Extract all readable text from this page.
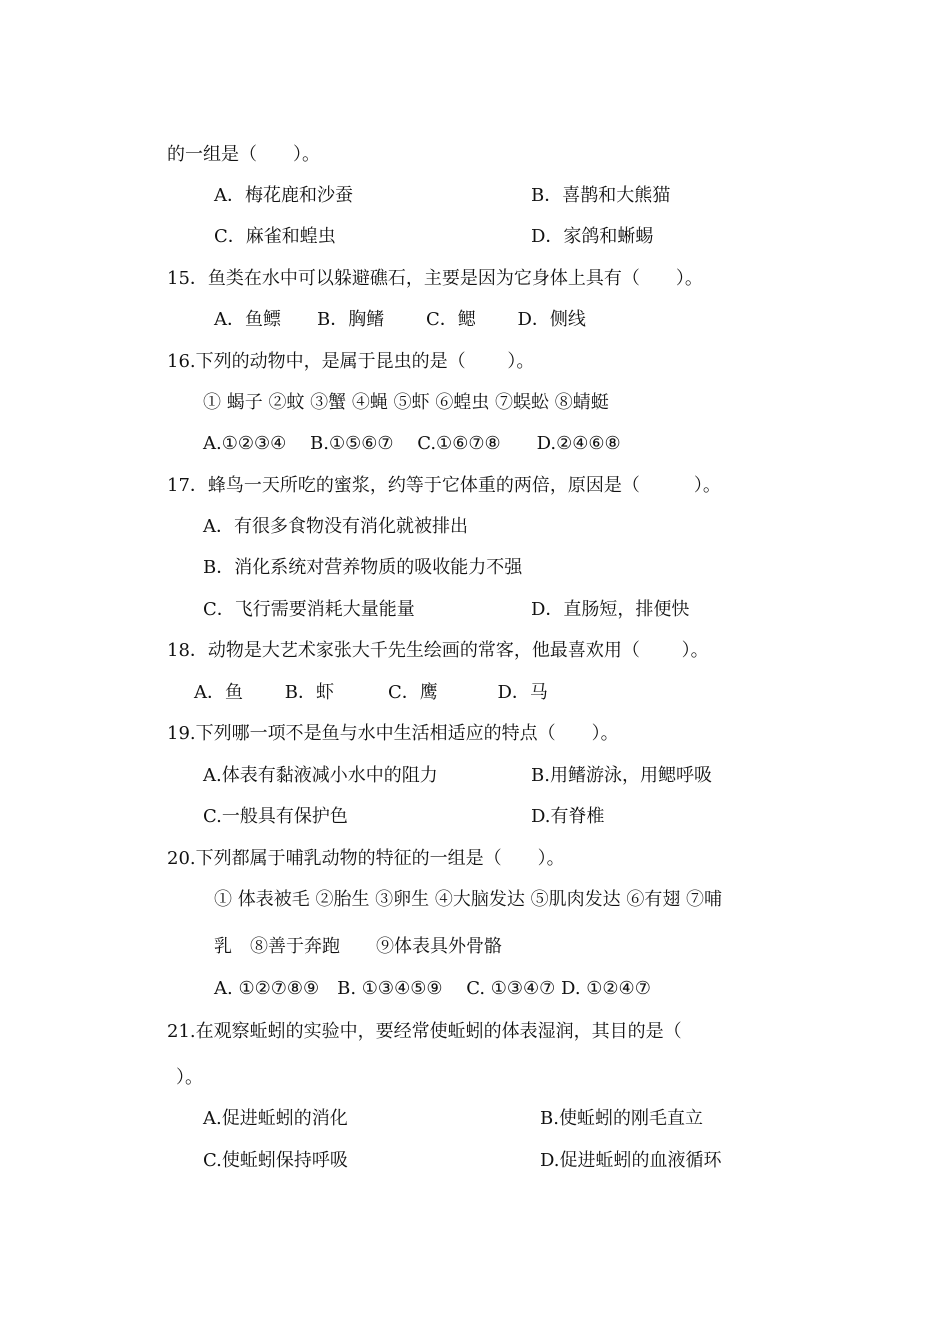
的一组是（　　）。
A．梅花鹿和沙蚕	B．喜鹊和大熊猫
C．麻雀和蝗虫	D．家鸽和蜥蜴
15．鱼类在水中可以躲避礁石，主要是因为它身体上具有（　　）。
A．鱼鳔　　B．胸鳍　　 C．鳃　　 D．侧线
16.下列的动物中，是属于昆虫的是（　　 ）。
① 蝎子 ②蚊 ③蟹 ④蝇 ⑤虾 ⑥蝗虫 ⑦蜈蚣 ⑧蜻蜓
A.①②③④　 B.①⑤⑥⑦　 C.①⑥⑦⑧　　D.②④⑥⑧
17．蜂鸟一天所吃的蜜浆，约等于它体重的两倍，原因是（　　　）。
A．有很多食物没有消化就被排出
B．消化系统对营养物质的吸收能力不强
C．飞行需要消耗大量能量	D．直肠短，排便快
18．动物是大艺术家张大千先生绘画的常客，他最喜欢用（　　 ）。
A．鱼　　 B．虾　　　C．鹰　　　 D．马
19.下列哪一项不是鱼与水中生活相适应的特点（　　）。
A.体表有黏液减小水中的阻力	B.用鳍游泳，用鳃呼吸
C.一般具有保护色	D.有脊椎
20.下列都属于哺乳动物的特征的一组是（　　）。
① 体表被毛 ②胎生 ③卵生 ④大脑发达 ⑤肌肉发达 ⑥有翅 ⑦哺
乳　⑧善于奔跑　　⑨体表具外骨骼
A. ①②⑦⑧⑨　B. ①③④⑤⑨　 C. ①③④⑦ D. ①②④⑦
21.在观察蚯蚓的实验中，要经常使蚯蚓的体表湿润，其目的是（
）。
A.促进蚯蚓的消化	B.使蚯蚓的刚毛直立
C.使蚯蚓保持呼吸	D.促进蚯蚓的血液循环
